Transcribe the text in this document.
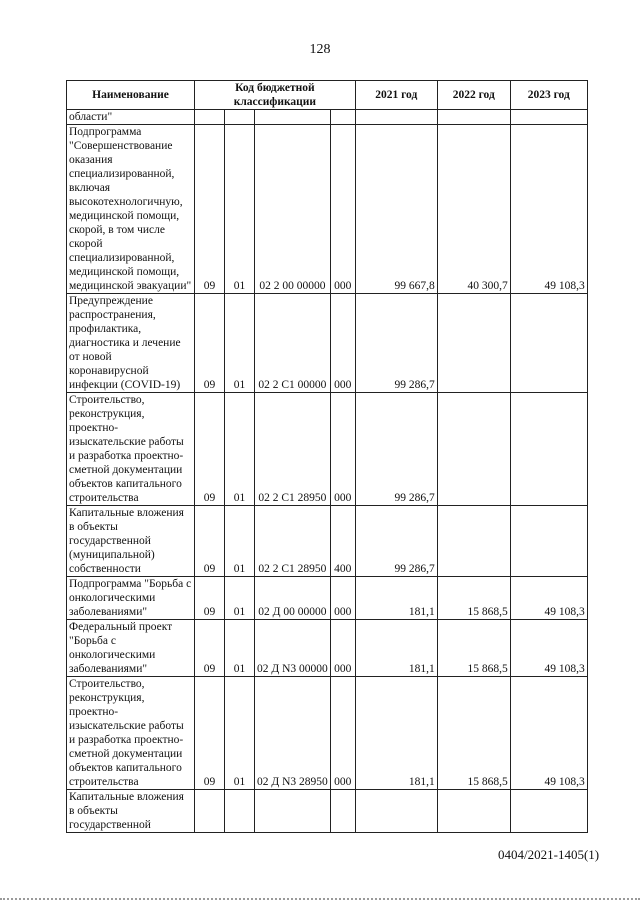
128
Наименование	Код бюджетной классификации				2021 год	2022 год	2023 год
области"							
Подпрограмма "Совершенствование оказания специализированной, включая высокотехнологичную, медицинской помощи, скорой, в том числе скорой специализированной, медицинской помощи, медицинской эвакуации"	09	01	02 2 00 00000	000	99 667,8	40 300,7	49 108,3
Предупреждение распространения, профилактика, диагностика и лечение от новой коронавирусной инфекции (COVID-19)	09	01	02 2 С1 00000	000	99 286,7		
Строительство, реконструкция, проектно-изыскательские работы и разработка проектно-сметной документации объектов капитального строительства	09	01	02 2 С1 28950	000	99 286,7		
Капитальные вложения в объекты государственной (муниципальной) собственности	09	01	02 2 С1 28950	400	99 286,7		
Подпрограмма "Борьба с онкологическими заболеваниями"	09	01	02 Д 00 00000	000	181,1	15 868,5	49 108,3
Федеральный проект "Борьба с онкологическими заболеваниями"	09	01	02 Д N3 00000	000	181,1	15 868,5	49 108,3
Строительство, реконструкция, проектно-изыскательские работы и разработка проектно-сметной документации объектов капитального строительства	09	01	02 Д N3 28950	000	181,1	15 868,5	49 108,3
Капитальные вложения в объекты государственной							
0404/2021-1405(1)
